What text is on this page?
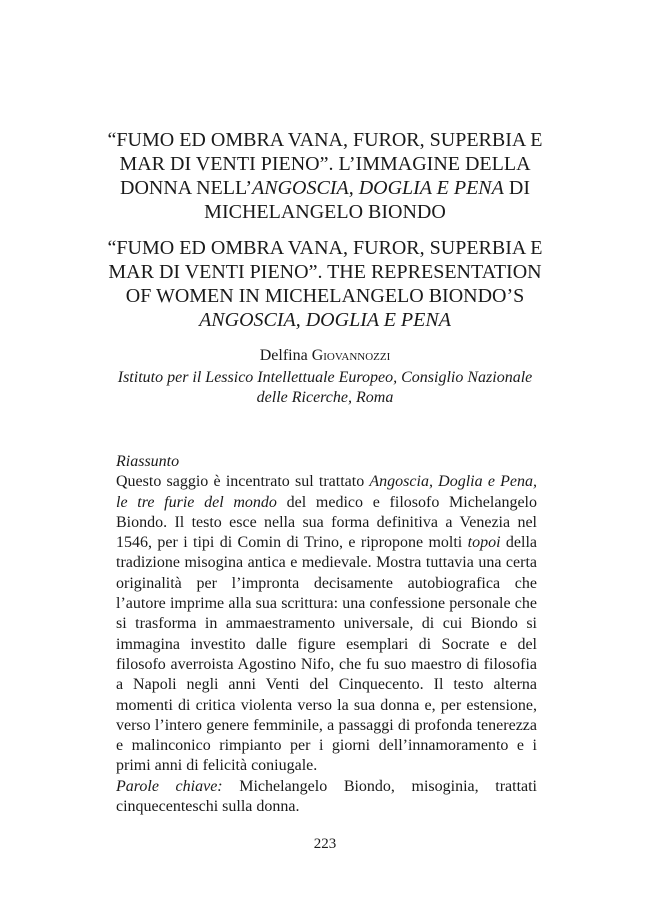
“FUMO ED OMBRA VANA, FUROR, SUPERBIA E

MAR DI VENTI PIENO”. L’IMMAGINE DELLA

DONNA NELL’ANGOSCIA, DOGLIA E PENA DI

MICHELANGELO BIONDO

“FUMO ED OMBRA VANA, FUROR, SUPERBIA E

MAR DI VENTI PIENO”. THE REPRESENTATION

OF WOMEN IN MICHELANGELO BIONDO’S

ANGOSCIA, DOGLIA E PENA

Delfina Giovannozzi
Istituto per il Lessico Intellettuale Europeo, Consiglio Nazionale delle Ricerche, Roma

Riassunto

Questo saggio è incentrato sul trattato Angoscia, Doglia e Pena, le tre furie del mondo del medico e filosofo Michelangelo Biondo. Il testo esce nella sua forma definitiva a Venezia nel 1546, per i tipi di Comin di Trino, e ripropone molti topoi della tradizione misogina antica e medievale. Mostra tuttavia una certa originalità per l’impronta decisamente autobiografica che l’autore imprime alla sua scrittura: una confessione personale che si trasforma in ammaestramento universale, di cui Biondo si immagina investito dalle figure esemplari di Socrate e del filosofo averroista Agostino Nifo, che fu suo maestro di filosofia a Napoli negli anni Venti del Cinquecento. Il testo alterna momenti di critica violenta verso la sua donna e, per estensione, verso l’intero genere femminile, a passaggi di profonda tenerezza e malinconico rimpianto per i giorni dell’innamoramento e i primi anni di felicità coniugale.

Parole chiave: Michelangelo Biondo, misoginia, trattati cinquecenteschi sulla donna.

223
